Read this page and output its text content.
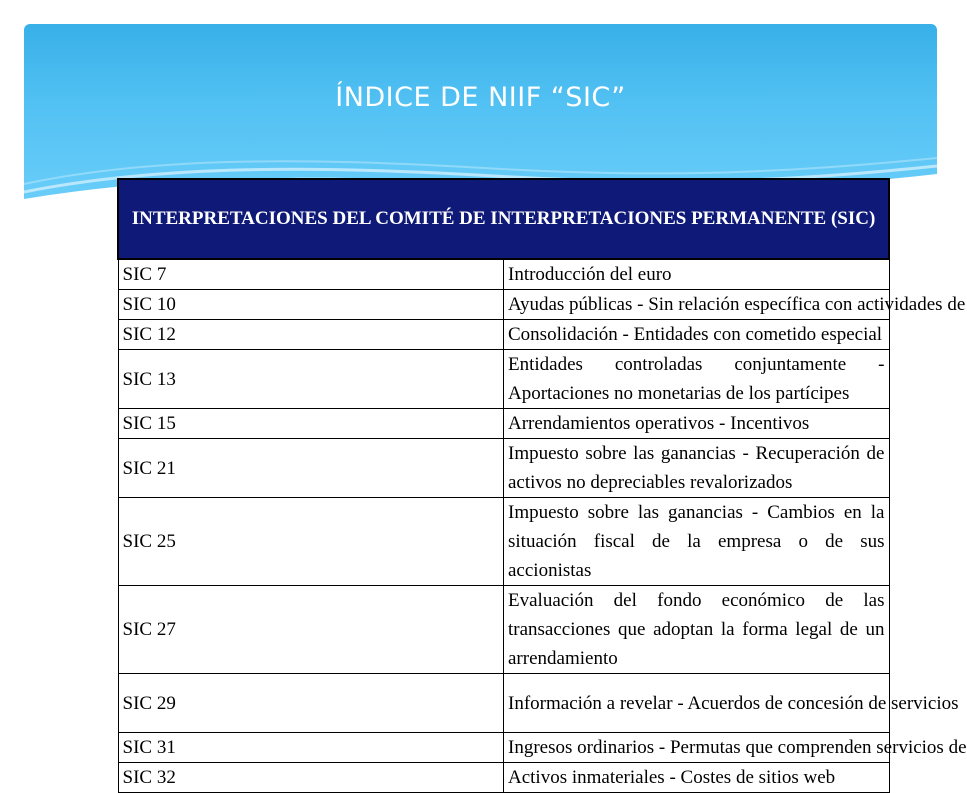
ÍNDICE DE NIIF “SIC”
INTERPRETACIONES DEL COMITÉ DE INTERPRETACIONES PERMANENTE (SIC)	
SIC 7	Introducción del euro
SIC 10	Ayudas públicas - Sin relación específica con actividades de
SIC 12	Consolidación - Entidades con cometido especial
SIC 13	Entidades controladas conjuntamente - Aportaciones no monetarias de los partícipes
SIC 15	Arrendamientos operativos - Incentivos
SIC 21	Impuesto sobre las ganancias - Recuperación de activos no depreciables revalorizados
SIC 25	Impuesto sobre las ganancias - Cambios en la situación fiscal de la empresa o de sus accionistas
SIC 27	Evaluación del fondo económico de las transacciones que adoptan la forma legal de un arrendamiento
SIC 29	Información a revelar - Acuerdos de concesión de servicios
SIC 31	Ingresos ordinarios - Permutas que comprenden servicios de
SIC 32	Activos inmateriales - Costes de sitios web
